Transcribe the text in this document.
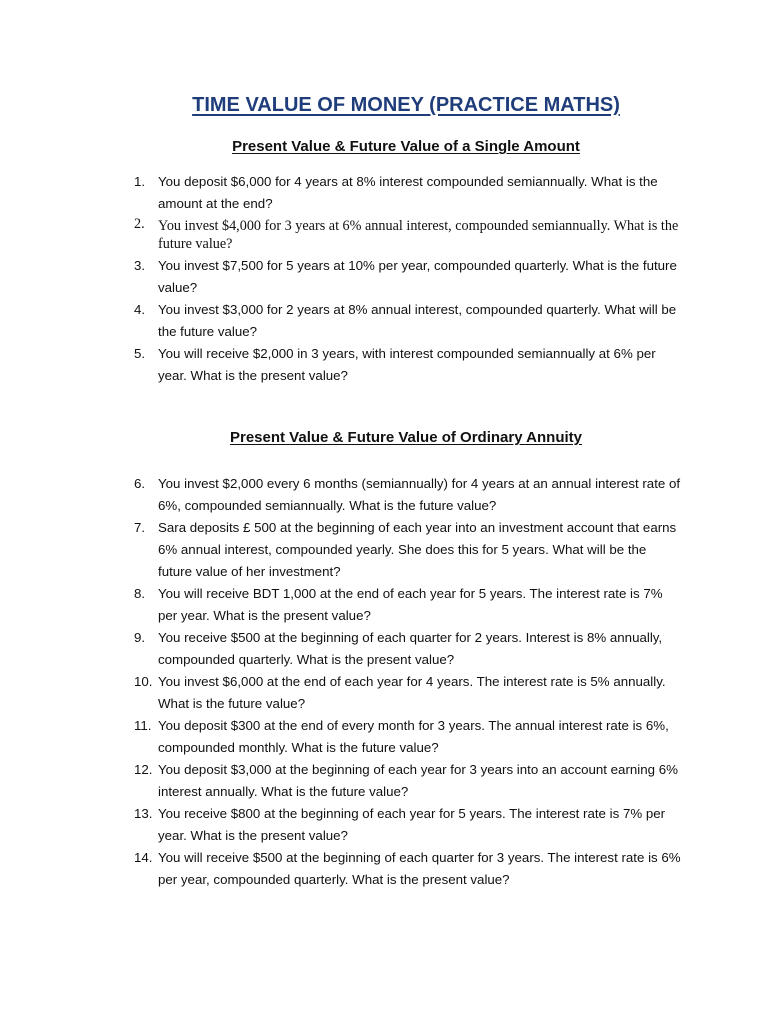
TIME VALUE OF MONEY (PRACTICE MATHS)
Present Value & Future Value of a Single Amount
1. You deposit $6,000 for 4 years at 8% interest compounded semiannually. What is the amount at the end?
2. You invest $4,000 for 3 years at 6% annual interest, compounded semiannually. What is the future value?
3. You invest $7,500 for 5 years at 10% per year, compounded quarterly. What is the future value?
4. You invest $3,000 for 2 years at 8% annual interest, compounded quarterly. What will be the future value?
5. You will receive $2,000 in 3 years, with interest compounded semiannually at 6% per year. What is the present value?
Present Value & Future Value of Ordinary Annuity
6. You invest $2,000 every 6 months (semiannually) for 4 years at an annual interest rate of 6%, compounded semiannually. What is the future value?
7. Sara deposits £ 500 at the beginning of each year into an investment account that earns 6% annual interest, compounded yearly. She does this for 5 years. What will be the future value of her investment?
8. You will receive BDT 1,000 at the end of each year for 5 years. The interest rate is 7% per year. What is the present value?
9. You receive $500 at the beginning of each quarter for 2 years. Interest is 8% annually, compounded quarterly. What is the present value?
10. You invest $6,000 at the end of each year for 4 years. The interest rate is 5% annually. What is the future value?
11. You deposit $300 at the end of every month for 3 years. The annual interest rate is 6%, compounded monthly. What is the future value?
12. You deposit $3,000 at the beginning of each year for 3 years into an account earning 6% interest annually. What is the future value?
13. You receive $800 at the beginning of each year for 5 years. The interest rate is 7% per year. What is the present value?
14. You will receive $500 at the beginning of each quarter for 3 years. The interest rate is 6% per year, compounded quarterly. What is the present value?
